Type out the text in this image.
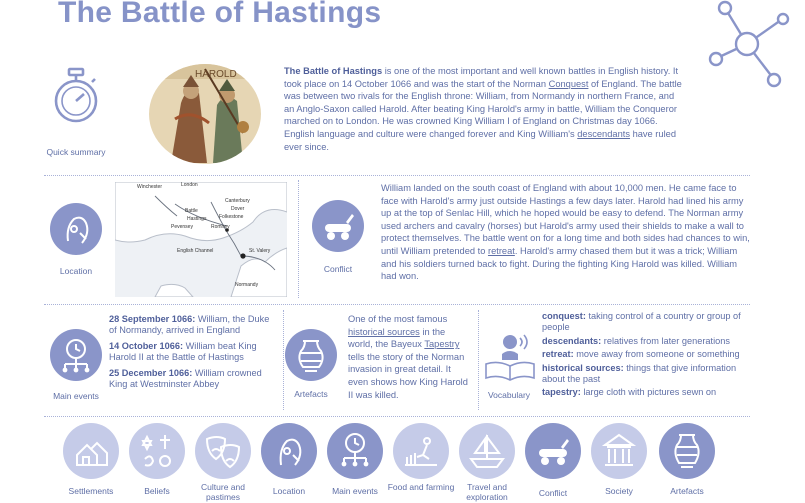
The Battle of Hastings
Quick summary
HAROLD	The Battle of Hastings is one of the most important and well known battles in English history. It took place on 14 October 1066 and was the start of the Norman Conquest of England. The battle was between two rivals for the English throne: William, from Normandy in northern France, and an Anglo-Saxon called Harold. After beating King Harold's army in battle, William the Conqueror marched on to London. He was crowned King William I of England on Christmas day 1066. English language and culture were changed forever and King William's descendants have ruled ever since.
Location
Winchester	London
Canterbury
Dover
Folkestone
Battle
Hastings
Pevensey	Romney
English Channel	St. Valery
Normandy
Conflict
William landed on the south coast of England with about 10,000 men. He came face to face with Harold's army just outside Hastings a few days later. Harold had lined his army up at the top of Senlac Hill, which he hoped would be easy to defend. The Norman army used archers and cavalry (horses) but Harold's army used their shields to make a wall to protect themselves. The battle went on for a long time and both sides had chances to win, until William pretended to retreat. Harold's army chased them but it was a trick; William and his soldiers turned back to fight. During the fighting King Harold was killed. William had won.
Main events
28 September 1066: William, the Duke of Normandy, arrived in England
14 October 1066: William beat King Harold II at the Battle of Hastings
25 December 1066: William crowned King at Westminster Abbey
Artefacts
One of the most famous historical sources in the world, the Bayeux Tapestry tells the story of the Norman invasion in great detail. It even shows how King Harold II was killed.	Vocabulary
conquest: taking control of a country or group of people
descendants: relatives from later generations
retreat: move away from someone or something
historical sources: things that give information about the past
tapestry: large cloth with pictures sewn on
Settlements	Beliefs	Culture and pastimes
Location	Main events	Food and farming	Travel and exploration	Conflict	Society	Artefacts
